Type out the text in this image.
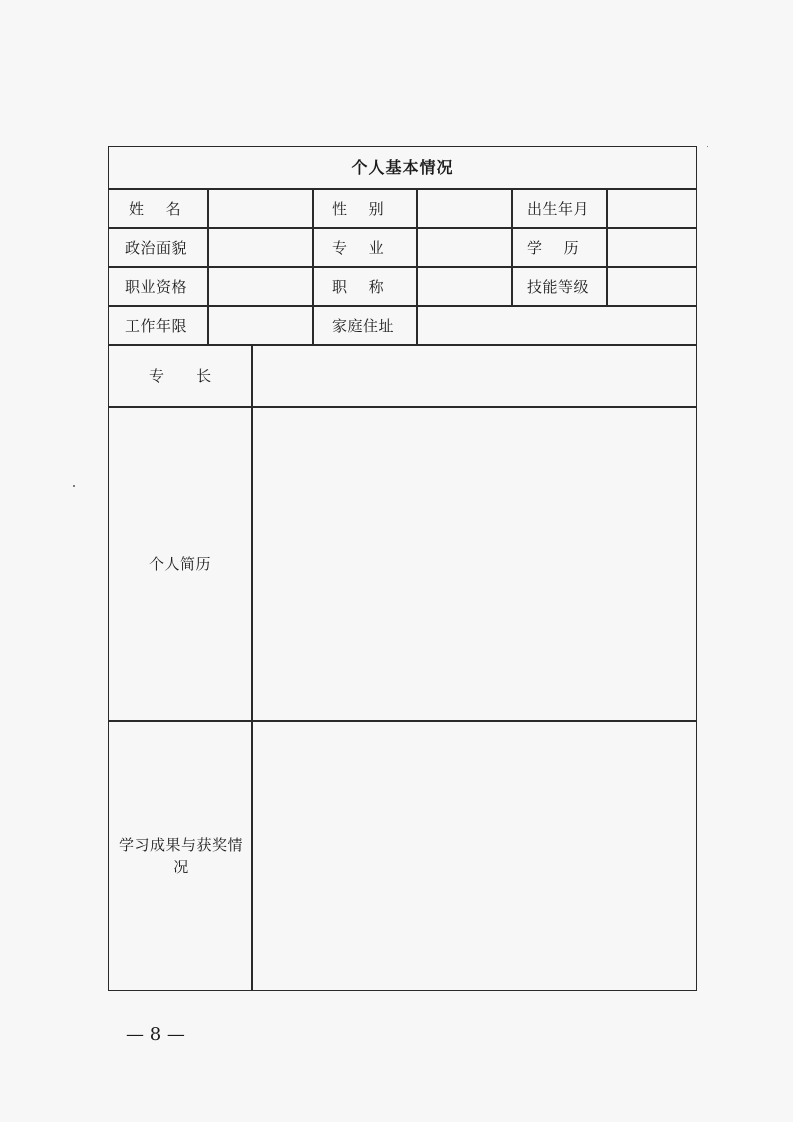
个人基本情况
姓    名	性    别	出生年月
政治面貌	专    业	学    历
职业资格	职    称	技能等级
工作年限	家庭住址
专      长
个人简历
学习成果与获奖情
况
— 8 —
